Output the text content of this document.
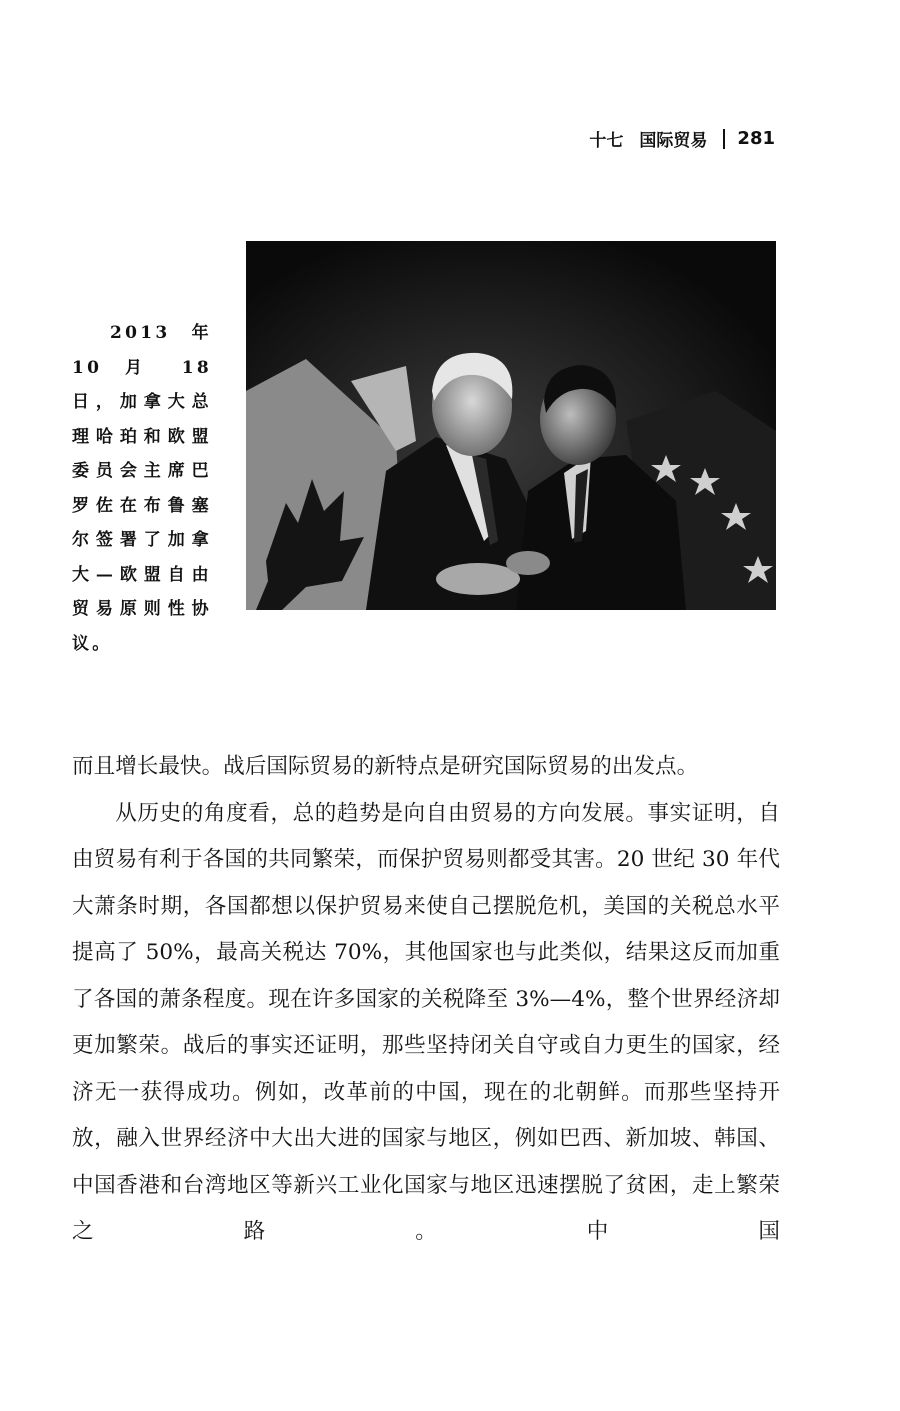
十七 国际贸易 281
2013 年 10 月 18 日，加拿大总理哈珀和欧盟委员会主席巴罗佐在布鲁塞尔签署了加拿大—欧盟自由贸易原则性协议。

而且增长最快。战后国际贸易的新特点是研究国际贸易的出发点。

从历史的角度看，总的趋势是向自由贸易的方向发展。事实证明，自由贸易有利于各国的共同繁荣，而保护贸易则都受其害。20 世纪 30 年代大萧条时期，各国都想以保护贸易来使自己摆脱危机，美国的关税总水平提高了 50%，最高关税达 70%，其他国家也与此类似，结果这反而加重了各国的萧条程度。现在许多国家的关税降至 3%—4%，整个世界经济却更加繁荣。战后的事实还证明，那些坚持闭关自守或自力更生的国家，经济无一获得成功。例如，改革前的中国，现在的北朝鲜。而那些坚持开放，融入世界经济中大出大进的国家与地区，例如巴西、新加坡、韩国、中国香港和台湾地区等新兴工业化国家与地区迅速摆脱了贫困，走上繁荣之路。中国
